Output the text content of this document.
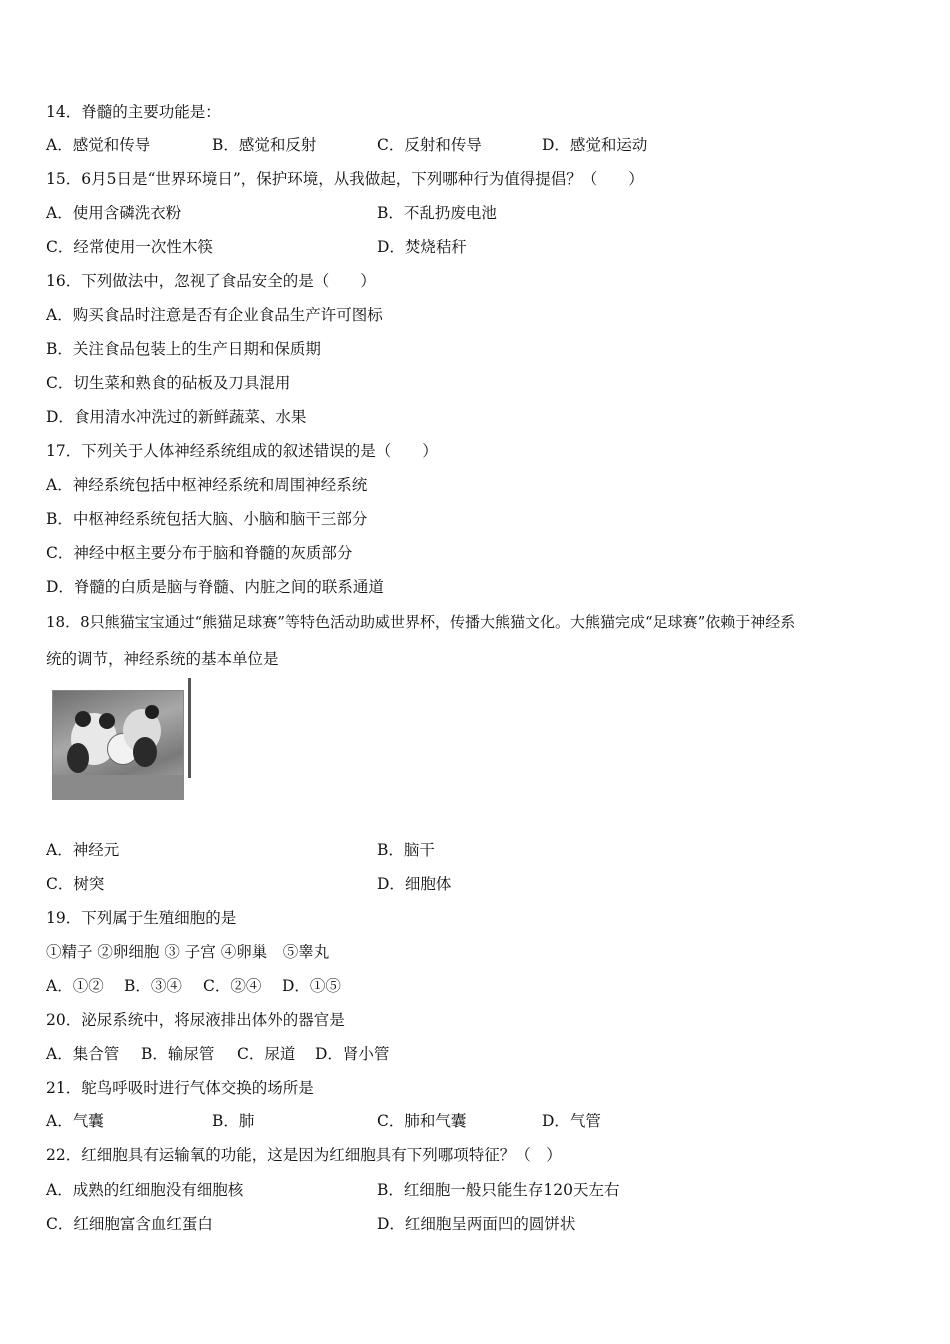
14．脊髓的主要功能是：
A．感觉和传导	B．感觉和反射	C．反射和传导	D．感觉和运动
15．6月5日是“世界环境日”，保护环境，从我做起，下列哪种行为值得提倡？（　　）
A．使用含磷洗衣粉	B．不乱扔废电池
C．经常使用一次性木筷	D．焚烧秸秆
16．下列做法中，忽视了食品安全的是（　　）
A．购买食品时注意是否有企业食品生产许可图标
B．关注食品包装上的生产日期和保质期
C．切生菜和熟食的砧板及刀具混用
D．食用清水冲洗过的新鲜蔬菜、水果
17．下列关于人体神经系统组成的叙述错误的是（　　）
A．神经系统包括中枢神经系统和周围神经系统
B．中枢神经系统包括大脑、小脑和脑干三部分
C．神经中枢主要分布于脑和脊髓的灰质部分
D．脊髓的白质是脑与脊髓、内脏之间的联系通道
18．8只熊猫宝宝通过“熊猫足球赛”等特色活动助威世界杯，传播大熊猫文化。大熊猫完成“足球赛”依赖于神经系
统的调节，神经系统的基本单位是
A．神经元	B．脑干
C．树突	D．细胞体
19．下列属于生殖细胞的是
①精子 ②卵细胞 ③ 子宫 ④卵巢　⑤睾丸
A．①② B．③④ C．②④ D．①⑤
20．泌尿系统中，将尿液排出体外的器官是
A．集合管 B．输尿管 C．尿道 D．肾小管
21．鸵鸟呼吸时进行气体交换的场所是
A．气囊	B．肺	C．肺和气囊	D．气管
22．红细胞具有运输氧的功能，这是因为红细胞具有下列哪项特征？（　）
A．成熟的红细胞没有细胞核	B．红细胞一般只能生存120天左右
C．红细胞富含血红蛋白	D．红细胞呈两面凹的圆饼状
